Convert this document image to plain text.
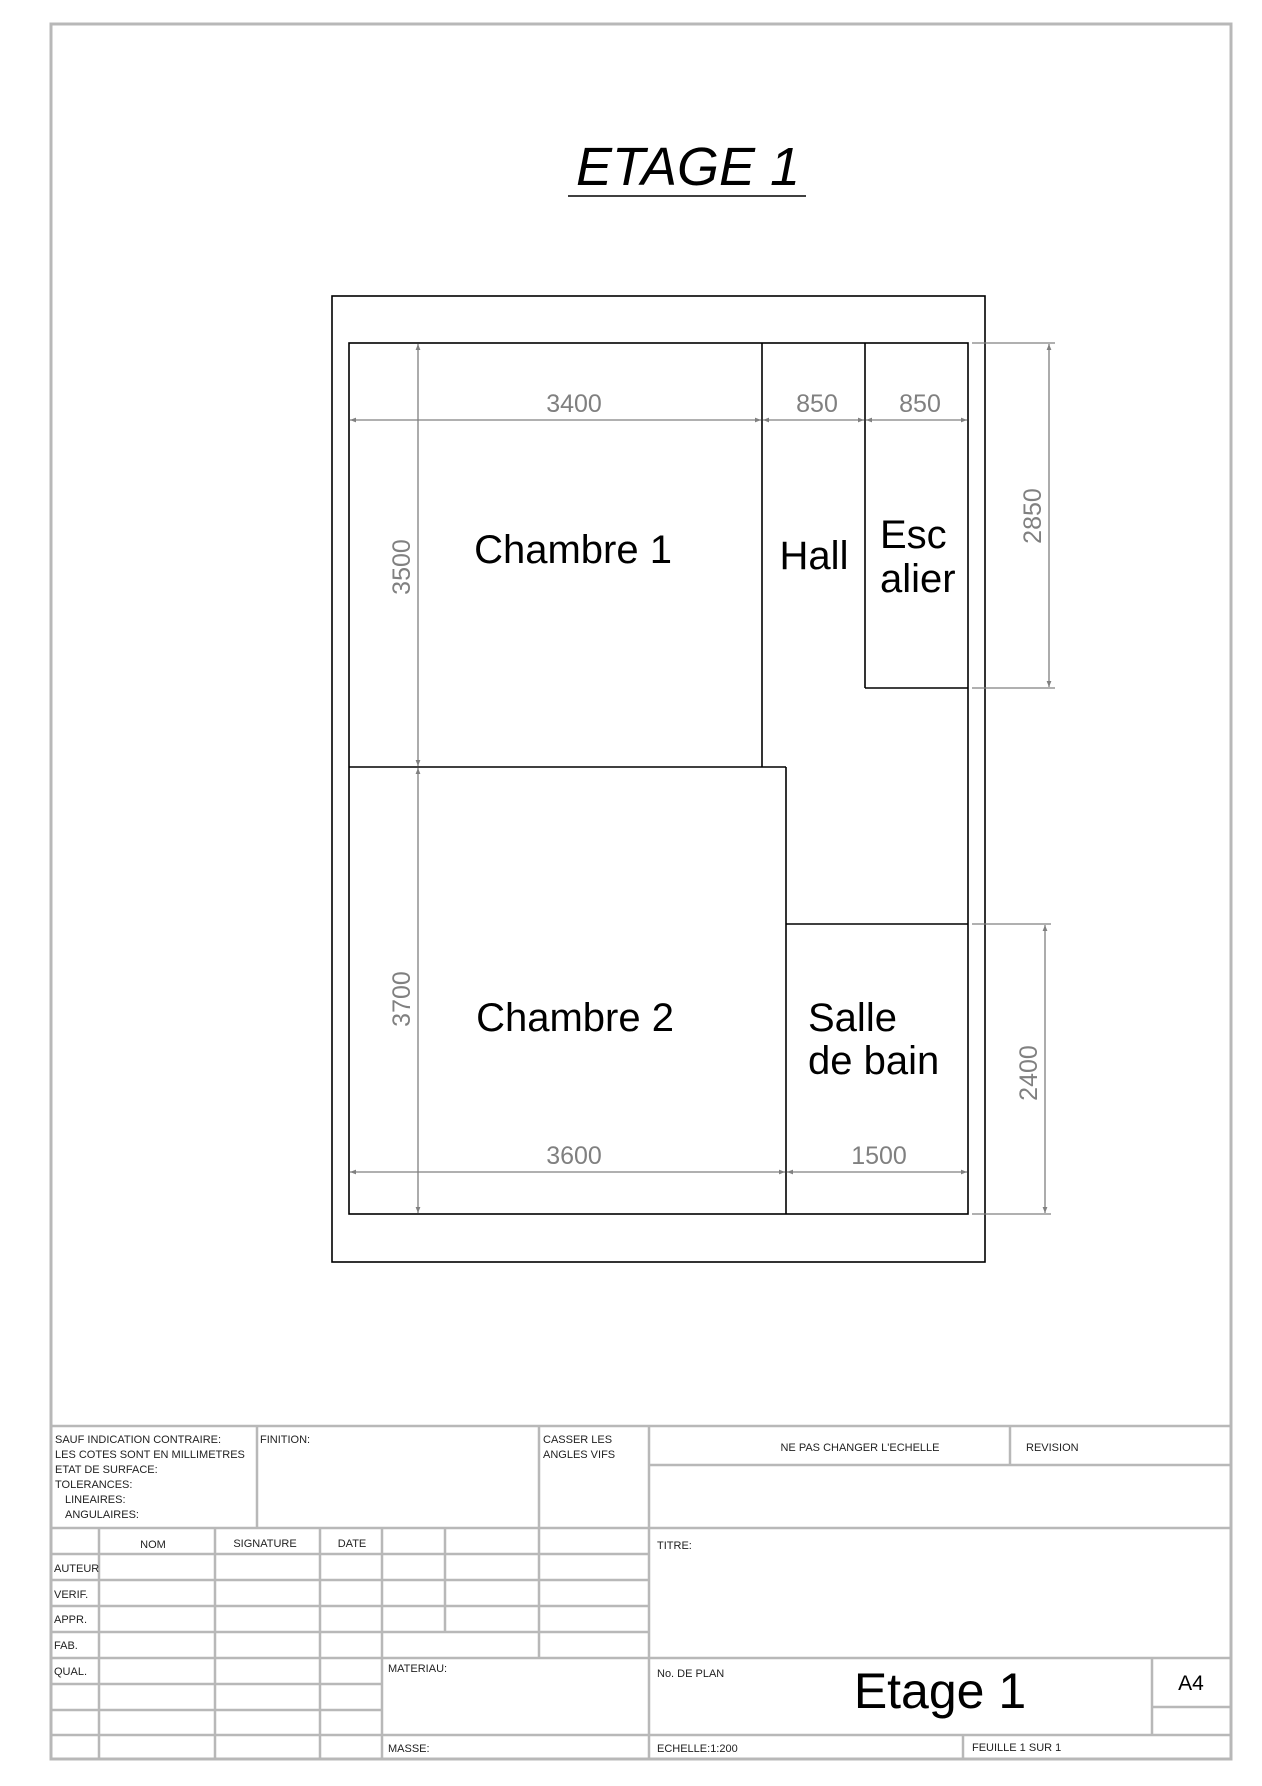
ETAGE 1
Chambre 1	Hall Esc
alier
Chambre 2	Salle
de bain
3400	850 850
3500
3700
2850
3600	1500
2400
SAUF INDICATION CONTRAIRE:
LES COTES SONT EN MILLIMETRES
ETAT DE SURFACE:
TOLERANCES:
LINEAIRES:
ANGULAIRES:
FINITION:	CASSER LES
ANGLES VIFS
NE PAS CHANGER L'ECHELLE	REVISION
NOM	SIGNATURE	DATE
AUTEUR
VERIF.
APPR.
FAB.
QUAL.
TITRE:
MATERIAU:	No. DE PLAN	Etage 1	A4
MASSE:	ECHELLE:1:200	FEUILLE 1 SUR 1
